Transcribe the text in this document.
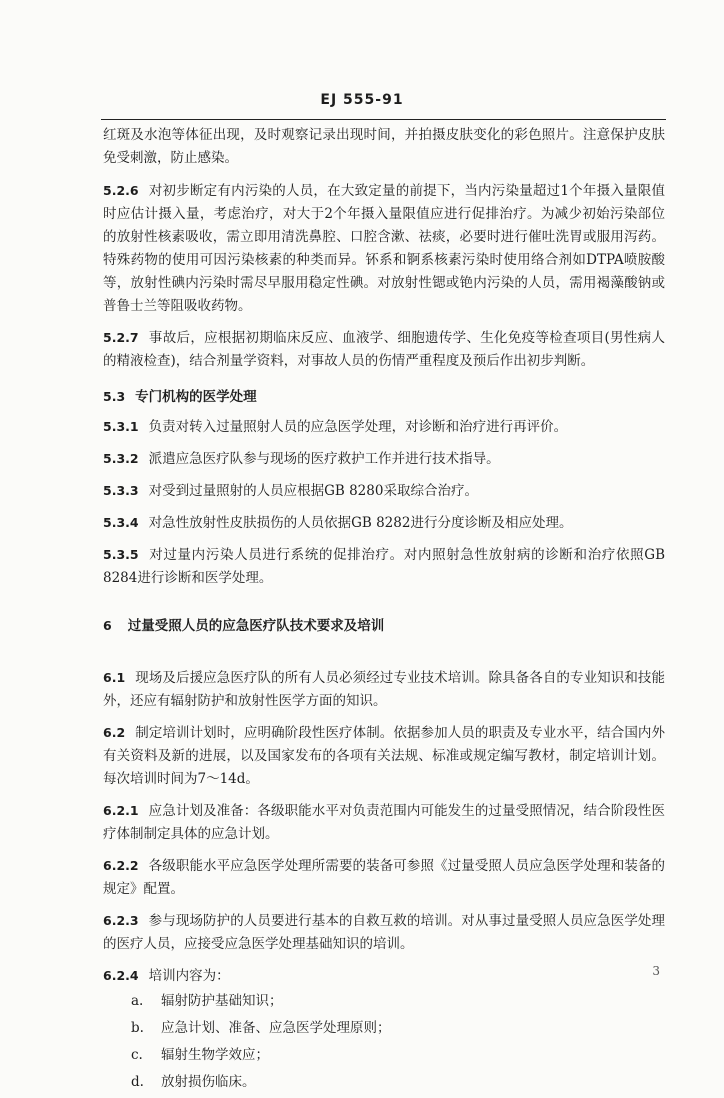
EJ 555-91

红斑及水泡等体征出现，及时观察记录出现时间，并拍摄皮肤变化的彩色照片。注意保护皮肤免受刺激，防止感染。

5.2.6 对初步断定有内污染的人员，在大致定量的前提下，当内污染量超过1个年摄入量限值时应估计摄入量，考虑治疗，对大于2个年摄入量限值应进行促排治疗。为减少初始污染部位的放射性核素吸收，需立即用清洗鼻腔、口腔含漱、祛痰，必要时进行催吐洗胃或服用泻药。特殊药物的使用可因污染核素的种类而异。钚系和锕系核素污染时使用络合剂如DTPA喷胺酸等，放射性碘内污染时需尽早服用稳定性碘。对放射性锶或铯内污染的人员，需用褐藻酸钠或普鲁士兰等阻吸收药物。

5.2.7 事故后，应根据初期临床反应、血液学、细胞遗传学、生化免疫等检查项目(男性病人的精液检查)，结合剂量学资料，对事故人员的伤情严重程度及预后作出初步判断。

5.3 专门机构的医学处理

5.3.1 负责对转入过量照射人员的应急医学处理，对诊断和治疗进行再评价。

5.3.2 派遣应急医疗队参与现场的医疗救护工作并进行技术指导。

5.3.3 对受到过量照射的人员应根据GB 8280采取综合治疗。

5.3.4 对急性放射性皮肤损伤的人员依据GB 8282进行分度诊断及相应处理。

5.3.5 对过量内污染人员进行系统的促排治疗。对内照射急性放射病的诊断和治疗依照GB 8284进行诊断和医学处理。

6 过量受照人员的应急医疗队技术要求及培训

6.1 现场及后援应急医疗队的所有人员必须经过专业技术培训。除具备各自的专业知识和技能外，还应有辐射防护和放射性医学方面的知识。

6.2 制定培训计划时，应明确阶段性医疗体制。依据参加人员的职责及专业水平，结合国内外有关资料及新的进展，以及国家发布的各项有关法规、标准或规定编写教材，制定培训计划。每次培训时间为7～14d。

6.2.1 应急计划及准备：各级职能水平对负责范围内可能发生的过量受照情况，结合阶段性医疗体制制定具体的应急计划。

6.2.2 各级职能水平应急医学处理所需要的装备可参照《过量受照人员应急医学处理和装备的规定》配置。

6.2.3 参与现场防护的人员要进行基本的自救互救的培训。对从事过量受照人员应急医学处理的医疗人员，应接受应急医学处理基础知识的培训。

6.2.4 培训内容为：

a. 辐射防护基础知识；
b. 应急计划、准备、应急医学处理原则；
c. 辐射生物学效应；
d. 放射损伤临床。
3
